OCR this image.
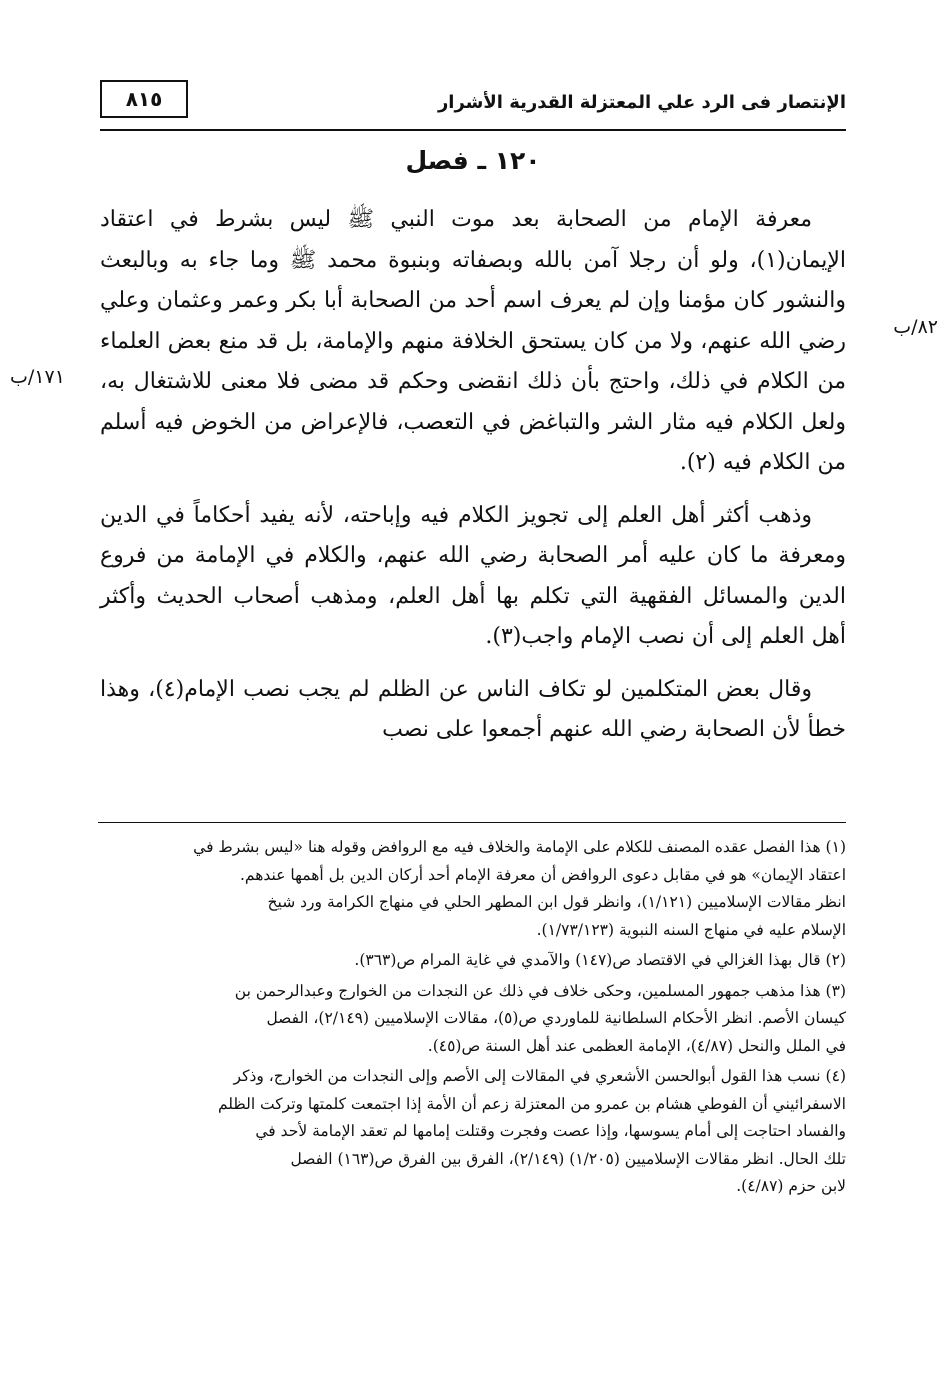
الإنتصار فى الرد علي المعتزلة القدرية الأشرار
٨١٥
١٢٠ ـ فصل
٨٢/ب
١٧١/ب

معرفة الإمام من الصحابة بعد موت النبي ﷺ ليس بشرط في اعتقاد الإيمان(١)، ولو أن رجلا آمن بالله وبصفاته وبنبوة محمد ﷺ وما جاء به وبالبعث والنشور كان مؤمنا وإن لم يعرف اسم أحد من الصحابة أبا بكر وعمر وعثمان وعلي رضي الله عنهم، ولا من كان يستحق الخلافة منهم والإمامة، بل قد منع بعض العلماء من الكلام في ذلك، واحتج بأن ذلك انقضى وحكم قد مضى فلا معنى للاشتغال به، ولعل الكلام فيه مثار الشر والتباغض في التعصب، فالإعراض من الخوض فيه أسلم من الكلام فيه (٢).

وذهب أكثر أهل العلم إلى تجويز الكلام فيه وإباحته، لأنه يفيد أحكاماً في الدين ومعرفة ما كان عليه أمر الصحابة رضي الله عنهم، والكلام في الإمامة من فروع الدين والمسائل الفقهية التي تكلم بها أهل العلم، ومذهب أصحاب الحديث وأكثر أهل العلم إلى أن نصب الإمام واجب(٣).

وقال بعض المتكلمين لو تكاف الناس عن الظلم لم يجب نصب الإمام(٤)، وهذا خطأ لأن الصحابة رضي الله عنهم أجمعوا على نصب

(١) هذا الفصل عقده المصنف للكلام على الإمامة والخلاف فيه مع الروافض وقوله هنا «ليس بشرط في
اعتقاد الإيمان» هو في مقابل دعوى الروافض أن معرفة الإمام أحد أركان الدين بل أهمها عندهم.
انظر مقالات الإسلاميين (١/١٢١)، وانظر قول ابن المطهر الحلي في منهاج الكرامة ورد شيخ
الإسلام عليه في منهاج السنه النبوية (١/٧٣/١٢٣).
(٢) قال بهذا الغزالي في الاقتصاد ص(١٤٧) والآمدي في غاية المرام ص(٣٦٣).
(٣) هذا مذهب جمهور المسلمين، وحكى خلاف في ذلك عن النجدات من الخوارج وعبدالرحمن بن
كيسان الأصم. انظر الأحكام السلطانية للماوردي ص(٥)، مقالات الإسلاميين (٢/١٤٩)، الفصل
في الملل والنحل (٤/٨٧)، الإمامة العظمى عند أهل السنة ص(٤٥).
(٤) نسب هذا القول أبوالحسن الأشعري في المقالات إلى الأصم وإلى النجدات من الخوارج، وذكر
الاسفرائيني أن الفوطي هشام بن عمرو من المعتزلة زعم أن الأمة إذا اجتمعت كلمتها وتركت الظلم
والفساد احتاجت إلى أمام يسوسها، وإذا عصت وفجرت وقتلت إمامها لم تعقد الإمامة لأحد في
تلك الحال. انظر مقالات الإسلاميين (١/٢٠٥) (٢/١٤٩)، الفرق بين الفرق ص(١٦٣) الفصل
لابن حزم (٤/٨٧).
